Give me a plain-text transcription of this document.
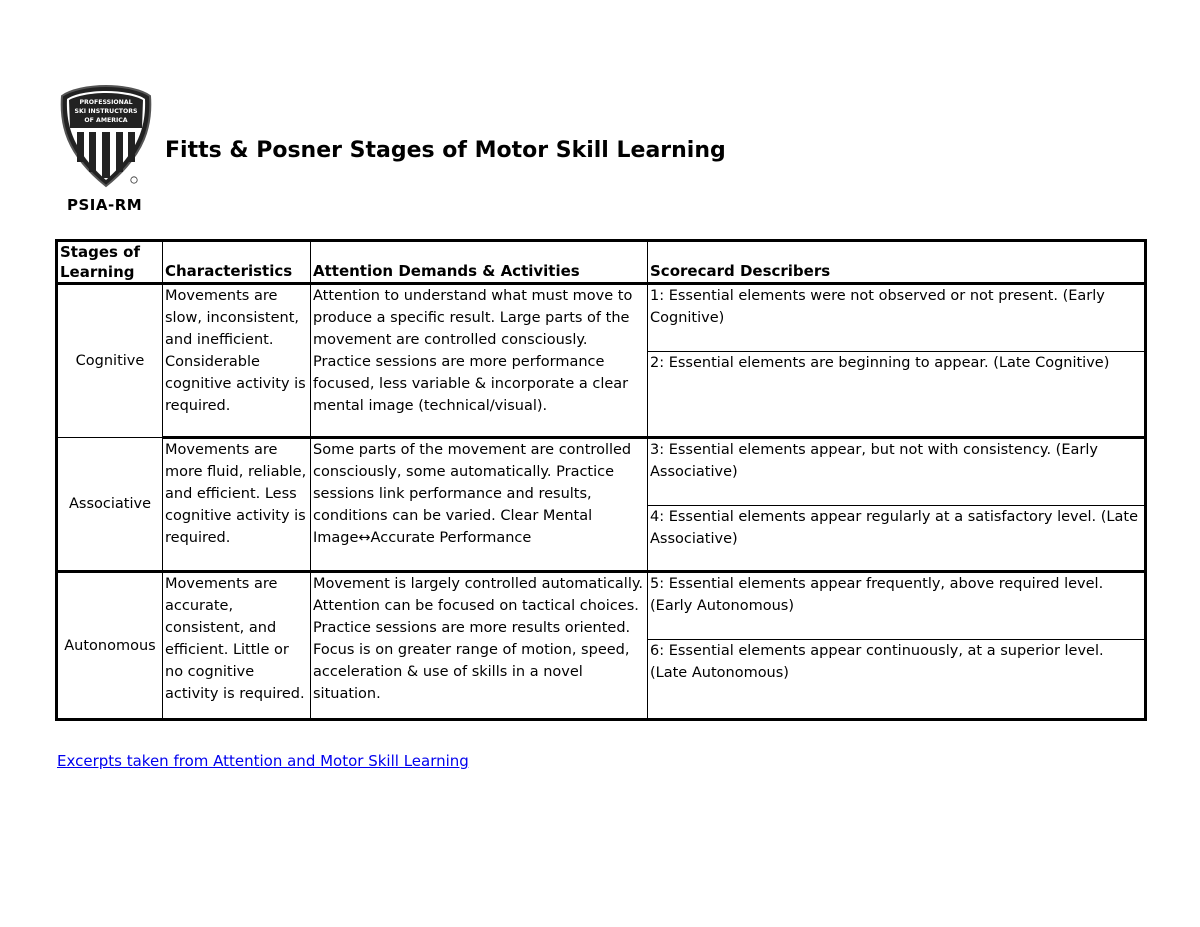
PROFESSIONAL
SKI INSTRUCTORS
OF AMERICA
PSIA-RM
Fitts & Posner Stages of Motor Skill Learning
Stages of Learning	Characteristics	Attention Demands & Activities	Scorecard Describers
Cognitive	Movements are slow, inconsistent, and inefficient. Considerable cognitive activity is required.	Attention to understand what must move to produce a specific result. Large parts of the movement are controlled consciously. Practice sessions are more performance focused, less variable & incorporate a clear mental image (technical/visual).	1: Essential elements were not observed or not present. (Early Cognitive)
			2: Essential elements are beginning to appear. (Late Cognitive)
Associative	Movements are more fluid, reliable, and efficient. Less cognitive activity is required.	Some parts of the movement are controlled consciously, some automatically. Practice sessions link performance and results, conditions can be varied. Clear Mental Image↔Accurate Performance	3: Essential elements appear, but not with consistency. (Early Associative)
			4: Essential elements appear regularly at a satisfactory level. (Late Associative)
Autonomous	Movements are accurate, consistent, and efficient. Little or no cognitive activity is required.	Movement is largely controlled automatically. Attention can be focused on tactical choices. Practice sessions are more results oriented. Focus is on greater range of motion, speed, acceleration & use of skills in a novel situation.	5: Essential elements appear frequently, above required level. (Early Autonomous)
			6: Essential elements appear continuously, at a superior level. (Late Autonomous)
Excerpts taken from Attention and Motor Skill Learning
